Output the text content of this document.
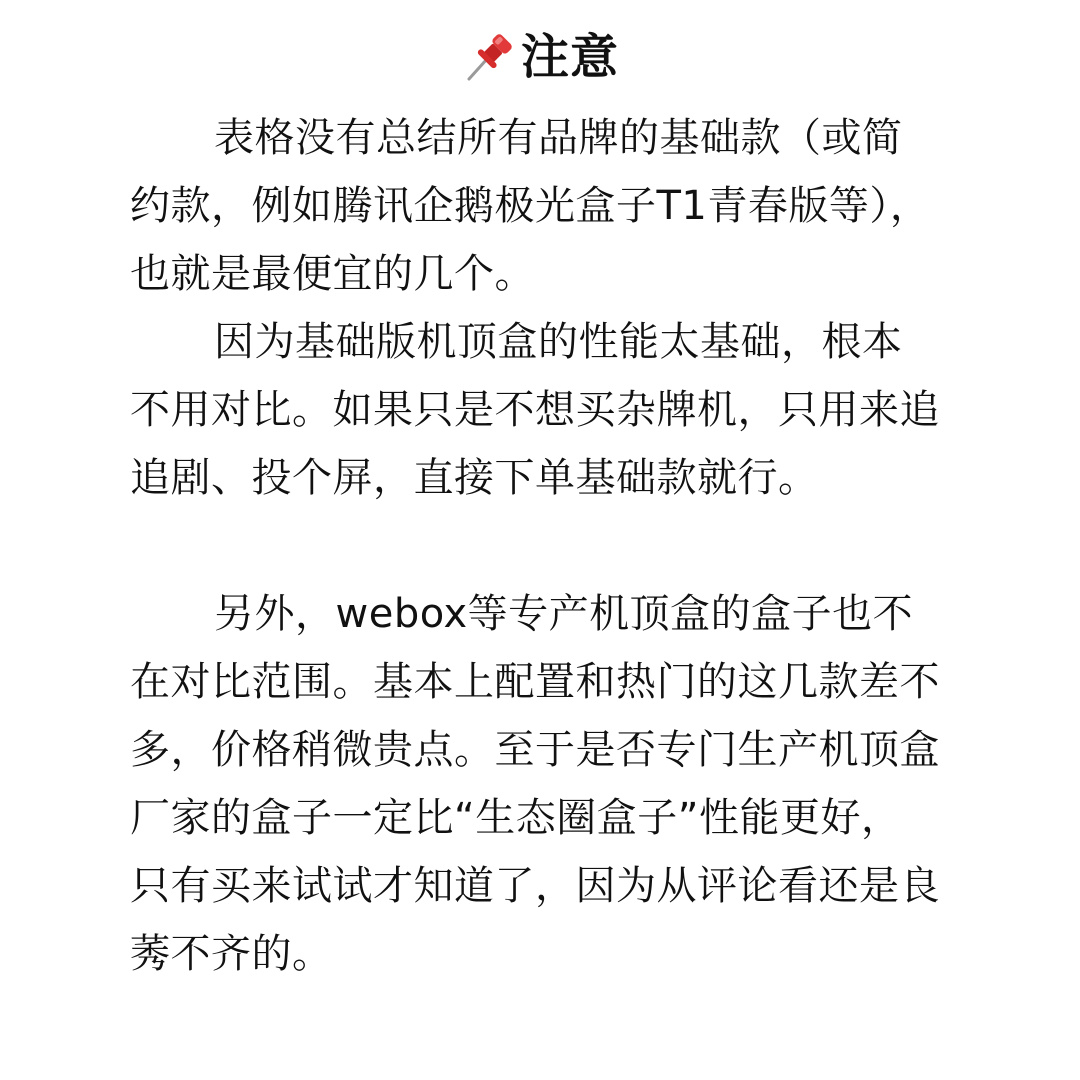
注意

表格没有总结所有品牌的基础款（或简约款，例如腾讯企鹅极光盒子T1青春版等），也就是最便宜的几个。

因为基础版机顶盒的性能太基础，根本不用对比。如果只是不想买杂牌机，只用来追追剧、投个屏，直接下单基础款就行。

另外，webox等专产机顶盒的盒子也不在对比范围。基本上配置和热门的这几款差不多，价格稍微贵点。至于是否专门生产机顶盒厂家的盒子一定比“生态圈盒子”性能更好，只有买来试试才知道了，因为从评论看还是良莠不齐的。
